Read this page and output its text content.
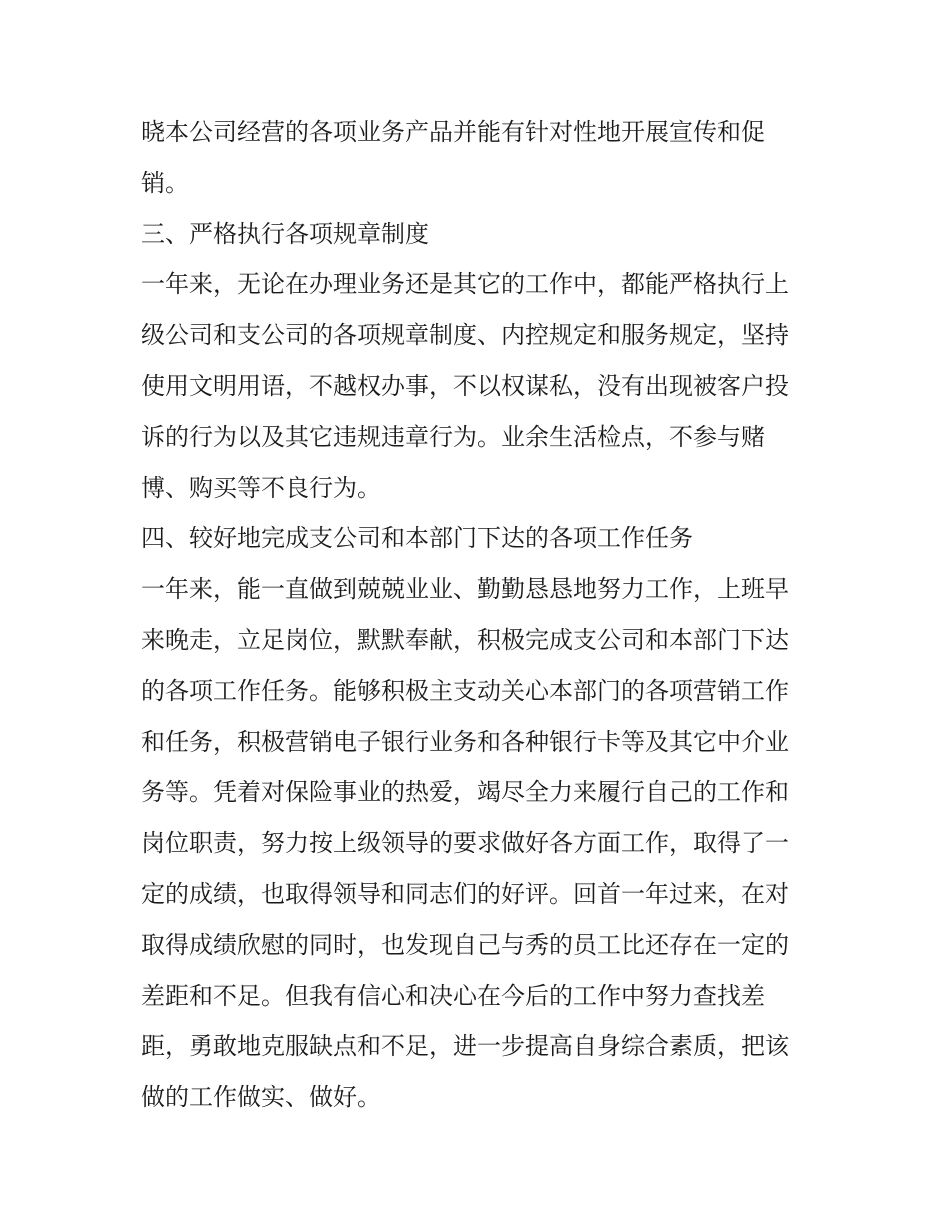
晓本公司经营的各项业务产品并能有针对性地开展宣传和促
销。
三、严格执行各项规章制度
一年来，无论在办理业务还是其它的工作中，都能严格执行上
级公司和支公司的各项规章制度、内控规定和服务规定，坚持
使用文明用语，不越权办事，不以权谋私，没有出现被客户投
诉的行为以及其它违规违章行为。业余生活检点，不参与赌
博、购买等不良行为。
四、较好地完成支公司和本部门下达的各项工作任务
一年来，能一直做到兢兢业业、勤勤恳恳地努力工作，上班早
来晚走，立足岗位，默默奉献，积极完成支公司和本部门下达
的各项工作任务。能够积极主支动关心本部门的各项营销工作
和任务，积极营销电子银行业务和各种银行卡等及其它中介业
务等。凭着对保险事业的热爱，竭尽全力来履行自己的工作和
岗位职责，努力按上级领导的要求做好各方面工作，取得了一
定的成绩，也取得领导和同志们的好评。回首一年过来，在对
取得成绩欣慰的同时，也发现自己与秀的员工比还存在一定的
差距和不足。但我有信心和决心在今后的工作中努力查找差
距，勇敢地克服缺点和不足，进一步提高自身综合素质，把该
做的工作做实、做好。
